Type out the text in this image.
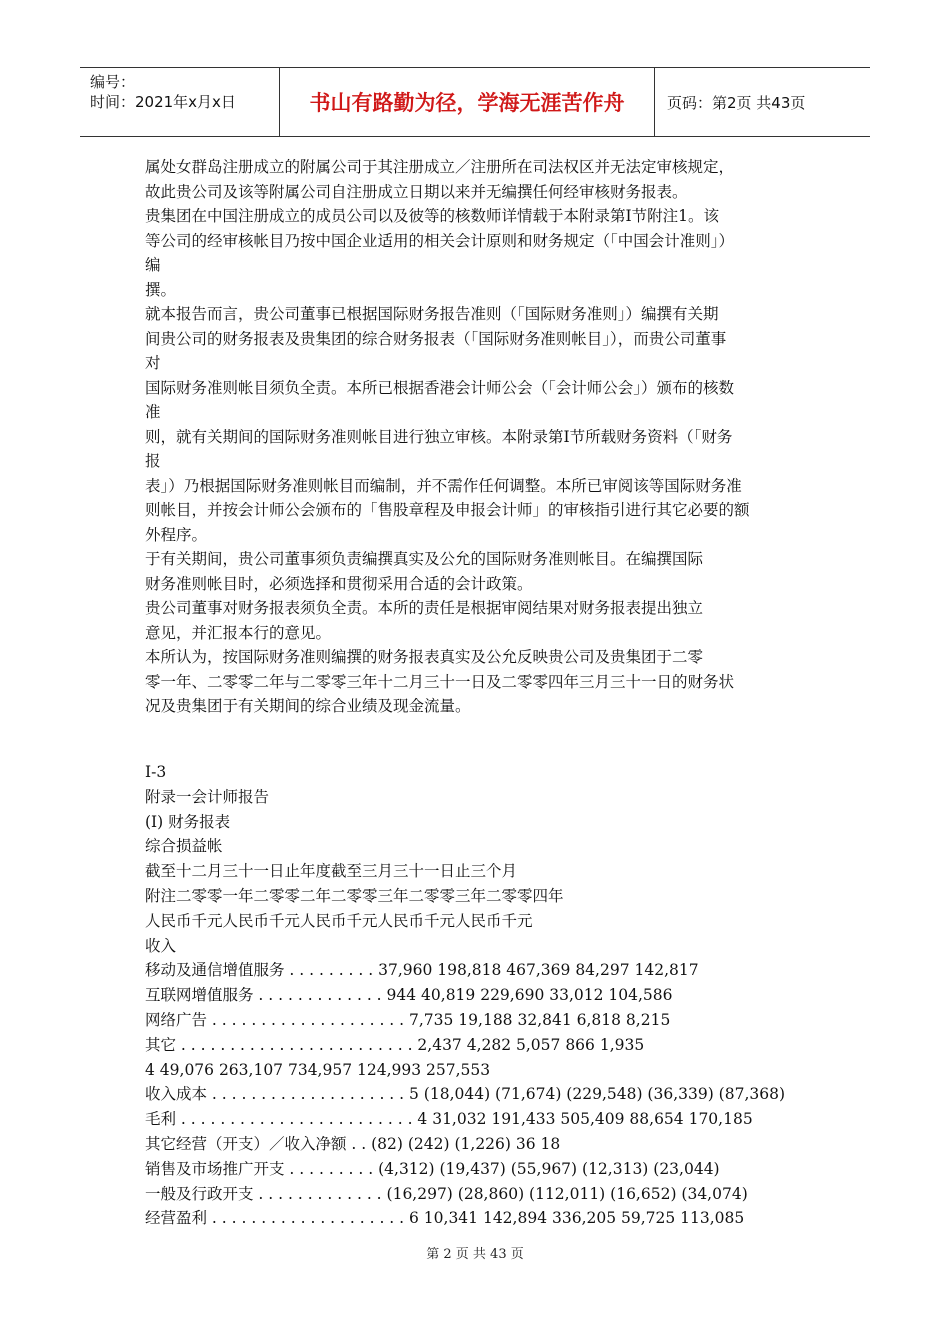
编号：
时间：2021年x月x日	书山有路勤为径，学海无涯苦作舟	页码：第2页 共43页
属处女群岛注册成立的附属公司于其注册成立／注册所在司法权区并无法定审核规定，
故此贵公司及该等附属公司自注册成立日期以来并无编撰任何经审核财务报表。
贵集团在中国注册成立的成员公司以及彼等的核数师详情载于本附录第I节附注1。该
等公司的经审核帐目乃按中国企业适用的相关会计原则和财务规定（「中国会计准则」）
编
撰。
就本报告而言，贵公司董事已根据国际财务报告准则（「国际财务准则」）编撰有关期
间贵公司的财务报表及贵集团的综合财务报表（「国际财务准则帐目」），而贵公司董事
对
国际财务准则帐目须负全责。本所已根据香港会计师公会（「会计师公会」）颁布的核数
准
则，就有关期间的国际财务准则帐目进行独立审核。本附录第I节所载财务资料（「财务
报
表」）乃根据国际财务准则帐目而编制，并不需作任何调整。本所已审阅该等国际财务准
则帐目，并按会计师公会颁布的「售股章程及申报会计师」的审核指引进行其它必要的额
外程序。
于有关期间，贵公司董事须负责编撰真实及公允的国际财务准则帐目。在编撰国际
财务准则帐目时，必须选择和贯彻采用合适的会计政策。
贵公司董事对财务报表须负全责。本所的责任是根据审阅结果对财务报表提出独立
意见，并汇报本行的意见。
本所认为，按国际财务准则编撰的财务报表真实及公允反映贵公司及贵集团于二零
零一年、二零零二年与二零零三年十二月三十一日及二零零四年三月三十一日的财务状
况及贵集团于有关期间的综合业绩及现金流量。
I-3
附录一会计师报告
(I) 财务报表
综合损益帐
截至十二月三十一日止年度截至三月三十一日止三个月
附注二零零一年二零零二年二零零三年二零零三年二零零四年
人民币千元人民币千元人民币千元人民币千元人民币千元
收入
移动及通信增值服务 . . . . . . . . . 37,960 198,818 467,369 84,297 142,817
互联网增值服务 . . . . . . . . . . . . . 944 40,819 229,690 33,012 104,586
网络广告 . . . . . . . . . . . . . . . . . . . . 7,735 19,188 32,841 6,818 8,215
其它 . . . . . . . . . . . . . . . . . . . . . . . . 2,437 4,282 5,057 866 1,935
4 49,076 263,107 734,957 124,993 257,553
收入成本 . . . . . . . . . . . . . . . . . . . . 5 (18,044) (71,674) (229,548) (36,339) (87,368)
毛利 . . . . . . . . . . . . . . . . . . . . . . . . 4 31,032 191,433 505,409 88,654 170,185
其它经营（开支）／收入净额 . . (82) (242) (1,226) 36 18
销售及市场推广开支 . . . . . . . . . (4,312) (19,437) (55,967) (12,313) (23,044)
一般及行政开支 . . . . . . . . . . . . . (16,297) (28,860) (112,011) (16,652) (34,074)
经营盈利 . . . . . . . . . . . . . . . . . . . . 6 10,341 142,894 336,205 59,725 113,085
第 2 页 共 43 页
